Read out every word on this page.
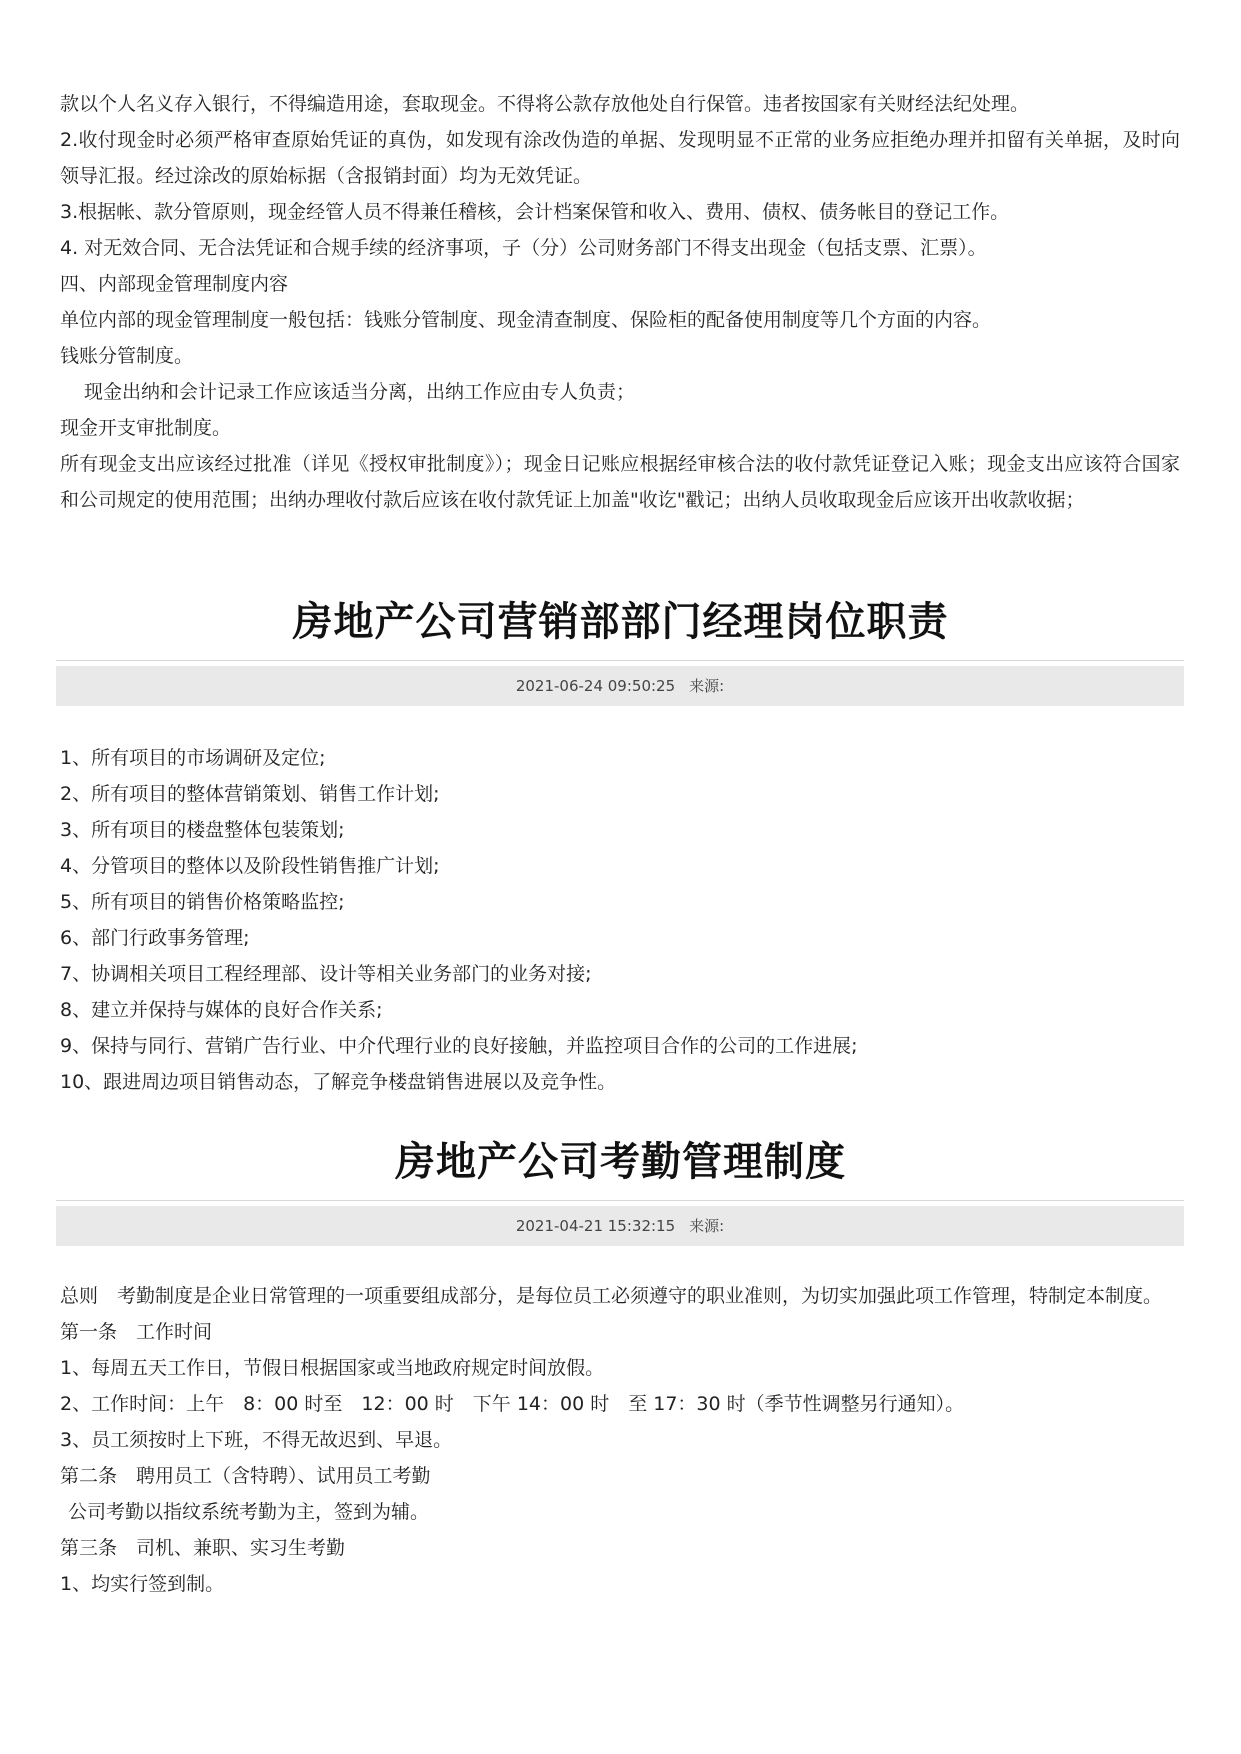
款以个人名义存入银行，不得编造用途，套取现金。不得将公款存放他处自行保管。违者按国家有关财经法纪处理。

2.收付现金时必须严格审查原始凭证的真伪，如发现有涂改伪造的单据、发现明显不正常的业务应拒绝办理并扣留有关单据，及时向领导汇报。经过涂改的原始标据（含报销封面）均为无效凭证。

3.根据帐、款分管原则，现金经管人员不得兼任稽核，会计档案保管和收入、费用、债权、债务帐目的登记工作。

4. 对无效合同、无合法凭证和合规手续的经济事项，子（分）公司财务部门不得支出现金（包括支票、汇票）。

四、内部现金管理制度内容

单位内部的现金管理制度一般包括：钱账分管制度、现金清查制度、保险柜的配备使用制度等几个方面的内容。

钱账分管制度。

现金出纳和会计记录工作应该适当分离，出纳工作应由专人负责；

现金开支审批制度。

所有现金支出应该经过批准（详见《授权审批制度》）；现金日记账应根据经审核合法的收付款凭证登记入账；现金支出应该符合国家和公司规定的使用范围；出纳办理收付款后应该在收付款凭证上加盖"收讫"戳记；出纳人员收取现金后应该开出收款收据；

房地产公司营销部部门经理岗位职责
2021-06-24 09:50:25 来源:

1、所有项目的市场调研及定位;

2、所有项目的整体营销策划、销售工作计划;

3、所有项目的楼盘整体包装策划;

4、分管项目的整体以及阶段性销售推广计划;

5、所有项目的销售价格策略监控;

6、部门行政事务管理;

7、协调相关项目工程经理部、设计等相关业务部门的业务对接;

8、建立并保持与媒体的良好合作关系;

9、保持与同行、营销广告行业、中介代理行业的良好接触，并监控项目合作的公司的工作进展;

10、跟进周边项目销售动态，了解竞争楼盘销售进展以及竞争性。

房地产公司考勤管理制度
2021-04-21 15:32:15 来源:

总则　考勤制度是企业日常管理的一项重要组成部分，是每位员工必须遵守的职业准则，为切实加强此项工作管理，特制定本制度。

第一条　工作时间

1、每周五天工作日，节假日根据国家或当地政府规定时间放假。

2、工作时间：上午　8：00 时至　12：00 时　下午 14：00 时　至 17：30 时（季节性调整另行通知）。

3、员工须按时上下班，不得无故迟到、早退。

第二条　聘用员工（含特聘）、试用员工考勤

公司考勤以指纹系统考勤为主，签到为辅。

第三条　司机、兼职、实习生考勤

1、均实行签到制。
